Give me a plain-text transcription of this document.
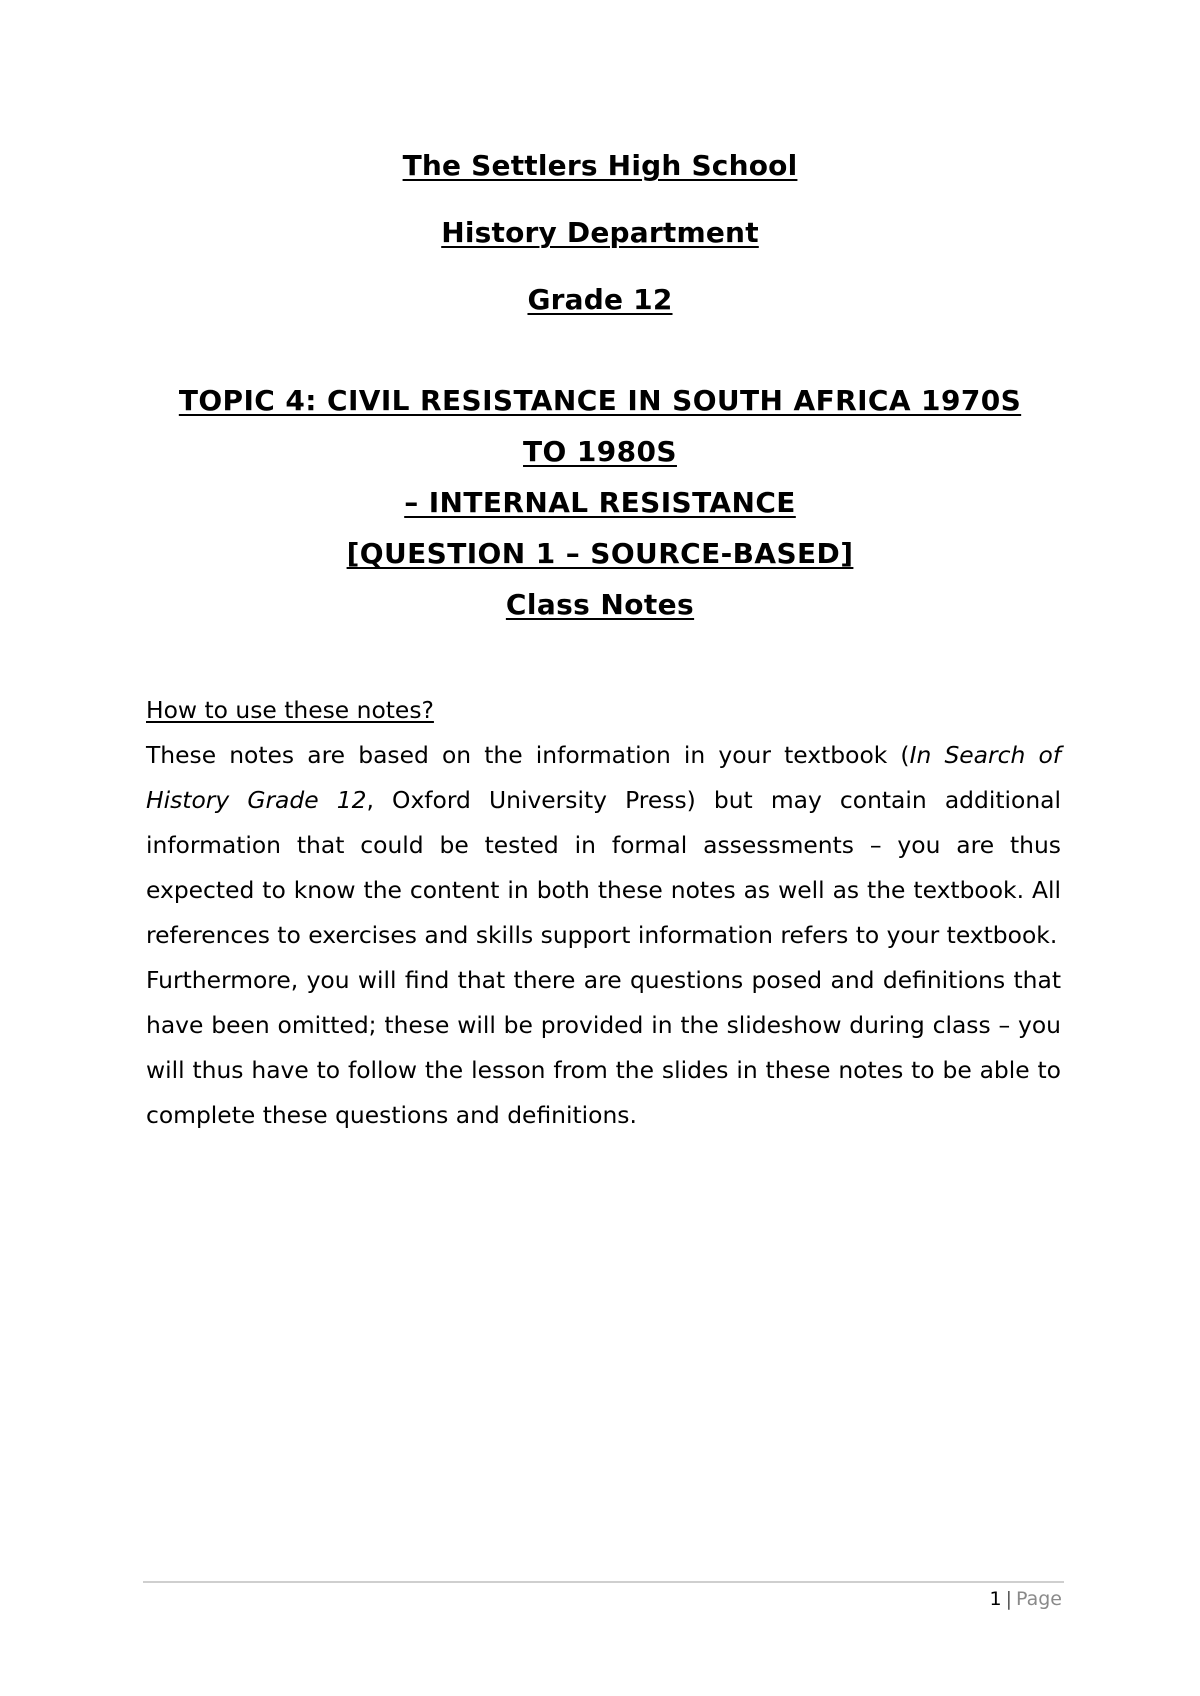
The Settlers High School
History Department
Grade 12
TOPIC 4: CIVIL RESISTANCE IN SOUTH AFRICA 1970S
TO 1980S
– INTERNAL RESISTANCE
[QUESTION 1 – SOURCE-BASED]
Class Notes
How to use these notes?

These notes are based on the information in your textbook (In Search of History Grade 12, Oxford University Press) but may contain additional information that could be tested in formal assessments – you are thus expected to know the content in both these notes as well as the textbook. All references to exercises and skills support information refers to your textbook.

Furthermore, you will find that there are questions posed and definitions that have been omitted; these will be provided in the slideshow during class – you will thus have to follow the lesson from the slides in these notes to be able to complete these questions and definitions.

1 | Page
